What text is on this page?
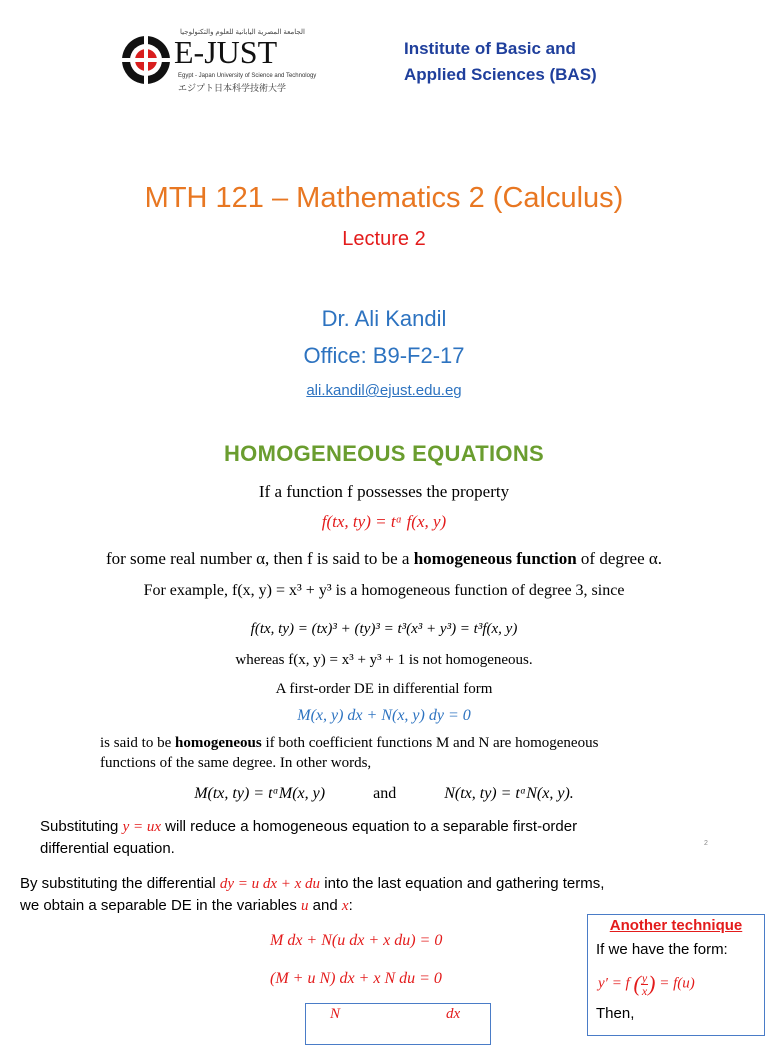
الجامعة المصرية اليابانية للعلوم والتكنولوجيا
E-JUST
Egypt - Japan University of Science and Technology
エジプト日本科学技術大学
Institute of Basic and
Applied Sciences (BAS)
MTH 121 – Mathematics 2 (Calculus)
Lecture 2
Dr. Ali Kandil
Office: B9-F2-17
ali.kandil@ejust.edu.eg
HOMOGENEOUS EQUATIONS
If a function f possesses the property
f(tx, ty) = tᵅ f(x, y)
for some real number α, then f is said to be a homogeneous function of degree α.
For example, f(x, y) = x³ + y³ is a homogeneous function of degree 3, since
f(tx, ty) = (tx)³ + (ty)³ = t³(x³ + y³) = t³f(x, y)
whereas f(x, y) = x³ + y³ + 1 is not homogeneous.
A first-order DE in differential form
M(x, y) dx + N(x, y) dy = 0
is said to be homogeneous if both coefficient functions M and N are homogeneous
functions of the same degree. In other words,
M(tx, ty) = tᵅM(x, y)	and	N(tx, ty) = tᵅN(x, y).
Substituting y = ux will reduce a homogeneous equation to a separable first-order
differential equation.	2
By substituting the differential dy = u dx + x du into the last equation and gathering terms,
we obtain a separable DE in the variables u and x:
M dx + N(u dx + x du) = 0
(M + u N) dx + x N du = 0
N	dx
Another technique
If we have the form:
y′ = f ( $\frac{y}{x}$ ) = f(u)
Then,
